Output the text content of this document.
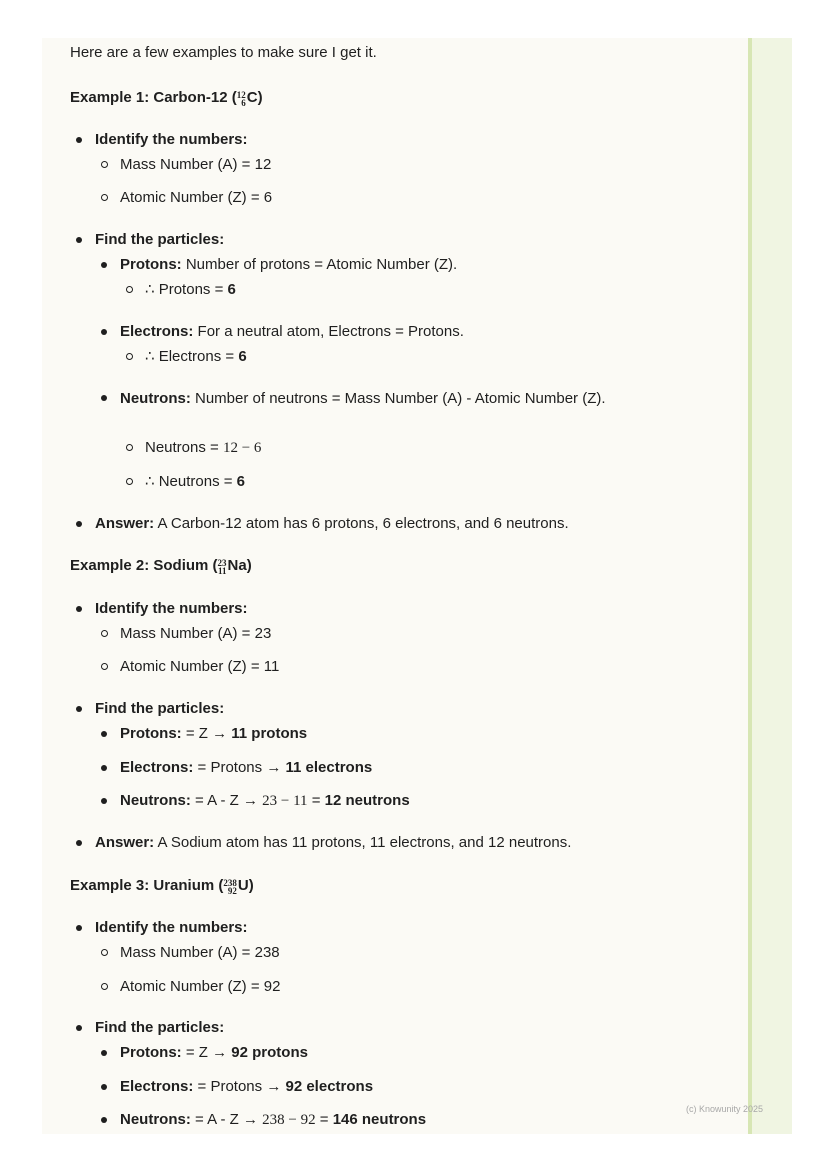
Here are a few examples to make sure I get it.
Example 1: Carbon-12 ( 12
6 C)
Identify the numbers:
Mass Number (A) = 12
Atomic Number (Z) = 6
Find the particles:
Protons: Number of protons = Atomic Number (Z).
∴ Protons = 6
Electrons: For a neutral atom, Electrons = Protons.
∴ Electrons = 6
Neutrons: Number of neutrons = Mass Number (A) - Atomic Number (Z).
Neutrons = 12 − 6
∴ Neutrons = 6
Answer: A Carbon-12 atom has 6 protons, 6 electrons, and 6 neutrons.
Example 2: Sodium ( 23
11 Na)
Identify the numbers:
Mass Number (A) = 23
Atomic Number (Z) = 11
Find the particles:
Protons: = Z → 11 protons
Electrons: = Protons → 11 electrons
Neutrons: = A - Z → 23 − 11 = 12 neutrons
Answer: A Sodium atom has 11 protons, 11 electrons, and 12 neutrons.
Example 3: Uranium ( 238
92 U)
Identify the numbers:
Mass Number (A) = 238
Atomic Number (Z) = 92
Find the particles:
Protons: = Z → 92 protons
Electrons: = Protons → 92 electrons
Neutrons: = A - Z → 238 − 92 = 146 neutrons
(c) Knowunity 2025
